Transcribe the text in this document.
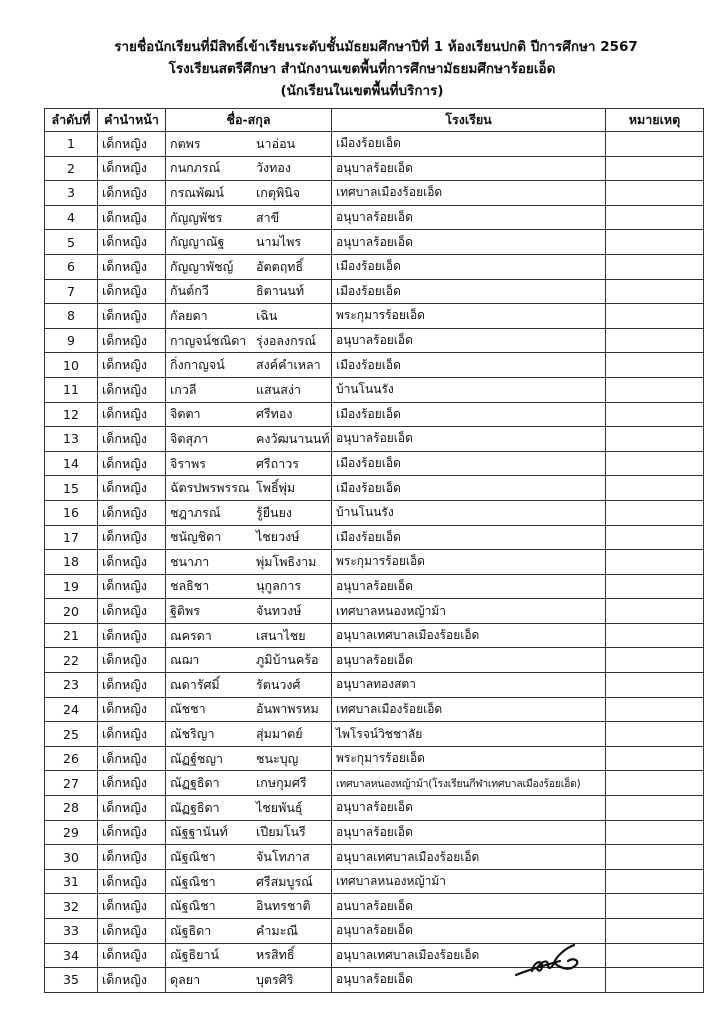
รายชื่อนักเรียนที่มีสิทธิ์เข้าเรียนระดับชั้นมัธยมศึกษาปีที่ 1 ห้องเรียนปกติ ปีการศึกษา 2567
โรงเรียนสตรีศึกษา สำนักงานเขตพื้นที่การศึกษามัธยมศึกษาร้อยเอ็ด
(นักเรียนในเขตพื้นที่บริการ)
ลำดับที่	คำนำหน้า	ชื่อ-สกุล	โรงเรียน	หมายเหตุ
1	เด็กหญิง	กตพร นาอ่อน	เมืองร้อยเอ็ด	
2	เด็กหญิง	กนกภรณ์ วังทอง	อนุบาลร้อยเอ็ด	
3	เด็กหญิง	กรณพัฒน์ เกตุพินิจ	เทศบาลเมืองร้อยเอ็ด	
4	เด็กหญิง	กัญญพัชร สาขี	อนุบาลร้อยเอ็ด	
5	เด็กหญิง	กัญญาณัฐ นามไพร	อนุบาลร้อยเอ็ด	
6	เด็กหญิง	กัญญาพัชญ์ อัตตฤทธิ์	เมืองร้อยเอ็ด	
7	เด็กหญิง	กันต์กวี ธิตานนท์	เมืองร้อยเอ็ด	
8	เด็กหญิง	กัลยดา เฉิน	พระกุมารร้อยเอ็ด	
9	เด็กหญิง	กาญจน์ชณิดา รุ่งอลงกรณ์	อนุบาลร้อยเอ็ด	
10	เด็กหญิง	กิ่งกาญจน์ สงค์คำเหลา	เมืองร้อยเอ็ด	
11	เด็กหญิง	เกวลี แสนสง่า	บ้านโนนรัง	
12	เด็กหญิง	จิตตา ศรีทอง	เมืองร้อยเอ็ด	
13	เด็กหญิง	จิตสุภา คงวัฒนานนท์	อนุบาลร้อยเอ็ด	
14	เด็กหญิง	จิราพร ศรีถาวร	เมืองร้อยเอ็ด	
15	เด็กหญิง	ฉัตรปพรพรรณ โพธิ์พุ่ม	เมืองร้อยเอ็ด	
16	เด็กหญิง	ชฎาภรณ์ รู้ยืนยง	บ้านโนนรัง	
17	เด็กหญิง	ชนัญชิดา ไชยวงษ์	เมืองร้อยเอ็ด	
18	เด็กหญิง	ชนาภา พุ่มโพธิงาม	พระกุมารร้อยเอ็ด	
19	เด็กหญิง	ชลธิชา นุกูลการ	อนุบาลร้อยเอ็ด	
20	เด็กหญิง	ฐิติพร จันทวงษ์	เทศบาลหนองหญ้าม้า	
21	เด็กหญิง	ณครดา เสนาไชย	อนุบาลเทศบาลเมืองร้อยเอ็ด	
22	เด็กหญิง	ณฌา ภูมิบ้านคร้อ	อนุบาลร้อยเอ็ด	
23	เด็กหญิง	ณดารัศมิ์ รัตนวงศ์	อนุบาลทองสตา	
24	เด็กหญิง	ณัชชา อันพาพรหม	เทศบาลเมืองร้อยเอ็ด	
25	เด็กหญิง	ณัชริญา สุ่มมาตย์	ไพโรจน์วิชชาลัย	
26	เด็กหญิง	ณัฏฐ์ชญา ชนะบุญ	พระกุมารร้อยเอ็ด	
27	เด็กหญิง	ณัฏฐธิดา เกษกุมศรี	เทศบาลหนองหญ้าม้า(โรงเรียนกีฬาเทศบาลเมืองร้อยเอ็ด)	
28	เด็กหญิง	ณัฏฐธิดา ไชยพันธุ์	อนุบาลร้อยเอ็ด	
29	เด็กหญิง	ณัฐฐานันท์ เปียมโนรี	อนุบาลร้อยเอ็ด	
30	เด็กหญิง	ณัฐณิชา จันโทภาส	อนุบาลเทศบาลเมืองร้อยเอ็ด	
31	เด็กหญิง	ณัฐณิชา ศรีสมบูรณ์	เทศบาลหนองหญ้าม้า	
32	เด็กหญิง	ณัฐณิชา อินทรชาติ	อนบาลร้อยเอ็ด	
33	เด็กหญิง	ณัฐธิดา คำมะณี	อนุบาลร้อยเอ็ด	
34	เด็กหญิง	ณัฐธิยาน์ หรสิทธิ์	อนุบาลเทศบาลเมืองร้อยเอ็ด	
35	เด็กหญิง	ดุลยา บุตรศิริ	อนุบาลร้อยเอ็ด	
